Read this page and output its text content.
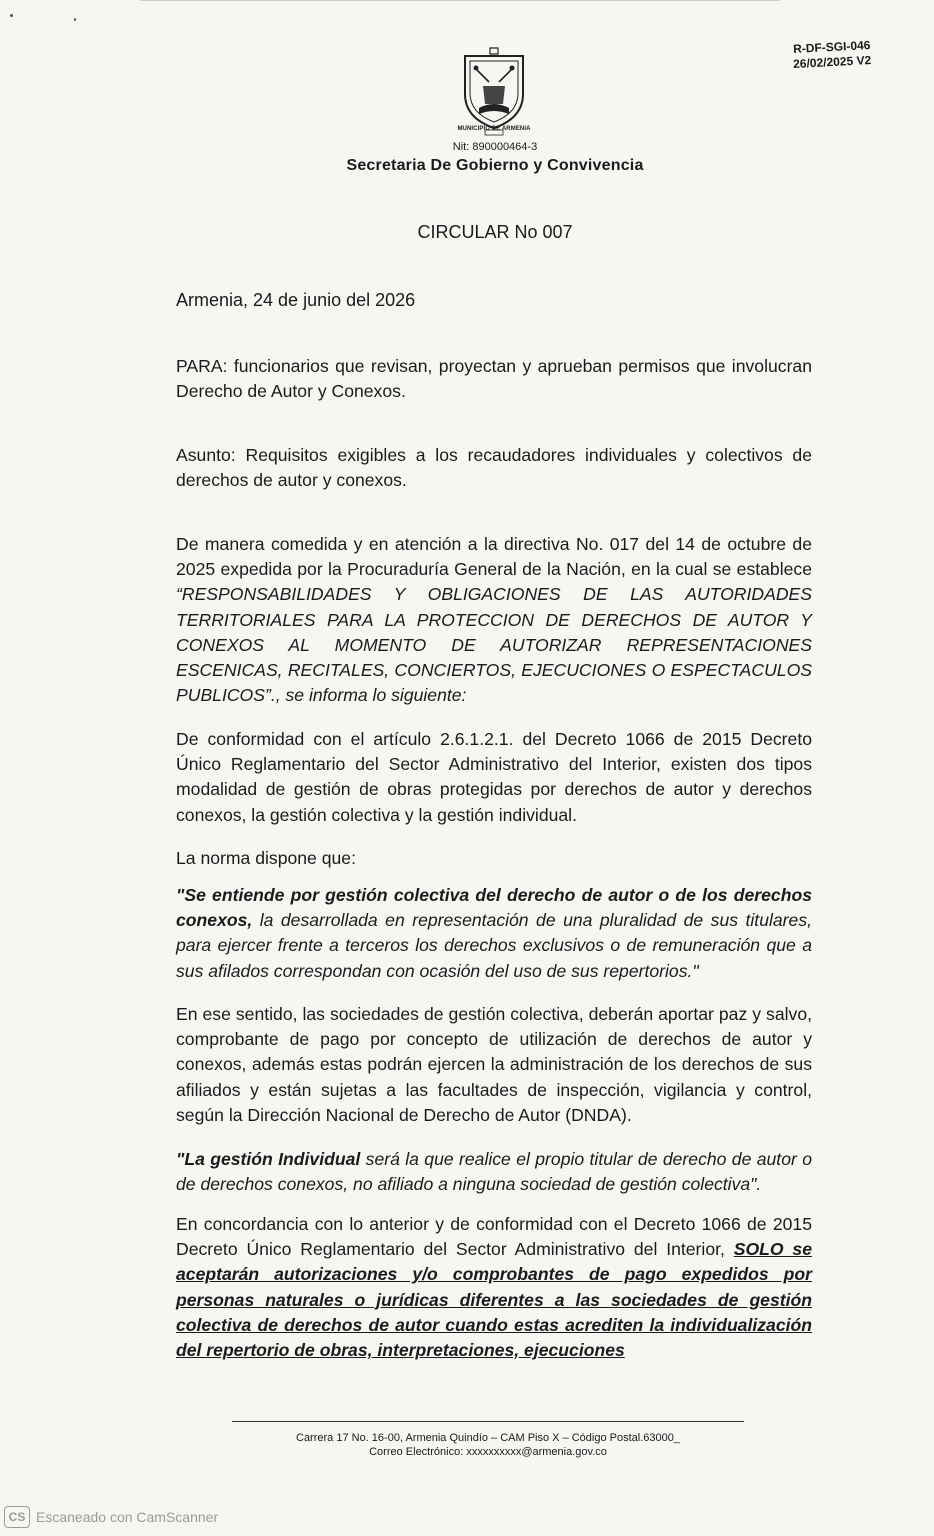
R-DF-SGI-046
26/02/2025 V2
MUNICIPIO DE ARMENIA
Nit: 890000464-3
Secretaria De Gobierno y Convivencia
CIRCULAR No 007
Armenia, 24 de junio del 2026

PARA: funcionarios que revisan, proyectan y aprueban permisos que involucran Derecho de Autor y Conexos.

Asunto: Requisitos exigibles a los recaudadores individuales y colectivos de derechos de autor y conexos.

De manera comedida y en atención a la directiva No. 017 del 14 de octubre de 2025 expedida por la Procuraduría General de la Nación, en la cual se establece “RESPONSABILIDADES Y OBLIGACIONES DE LAS AUTORIDADES TERRITORIALES PARA LA PROTECCION DE DERECHOS DE AUTOR Y CONEXOS AL MOMENTO DE AUTORIZAR REPRESENTACIONES ESCENICAS, RECITALES, CONCIERTOS, EJECUCIONES O ESPECTACULOS PUBLICOS”., se informa lo siguiente:

De conformidad con el artículo 2.6.1.2.1. del Decreto 1066 de 2015 Decreto Único Reglamentario del Sector Administrativo del Interior, existen dos tipos modalidad de gestión de obras protegidas por derechos de autor y derechos conexos, la gestión colectiva y la gestión individual.

La norma dispone que:

"Se entiende por gestión colectiva del derecho de autor o de los derechos conexos, la desarrollada en representación de una pluralidad de sus titulares, para ejercer frente a terceros los derechos exclusivos o de remuneración que a sus afilados correspondan con ocasión del uso de sus repertorios."

En ese sentido, las sociedades de gestión colectiva, deberán aportar paz y salvo, comprobante de pago por concepto de utilización de derechos de autor y conexos, además estas podrán ejercen la administración de los derechos de sus afiliados y están sujetas a las facultades de inspección, vigilancia y control, según la Dirección Nacional de Derecho de Autor (DNDA).

"La gestión Individual será la que realice el propio titular de derecho de autor o de derechos conexos, no afiliado a ninguna sociedad de gestión colectiva".

En concordancia con lo anterior y de conformidad con el Decreto 1066 de 2015 Decreto Único Reglamentario del Sector Administrativo del Interior, SOLO se aceptarán autorizaciones y/o comprobantes de pago expedidos por personas naturales o jurídicas diferentes a las sociedades de gestión colectiva de derechos de autor cuando estas acrediten la individualización del repertorio de obras, interpretaciones, ejecuciones

Carrera 17 No. 16-00, Armenia Quindío – CAM Piso X – Código Postal.63000_
Correo Electrónico: xxxxxxxxxx@armenia.gov.co
CS Escaneado con CamScanner
